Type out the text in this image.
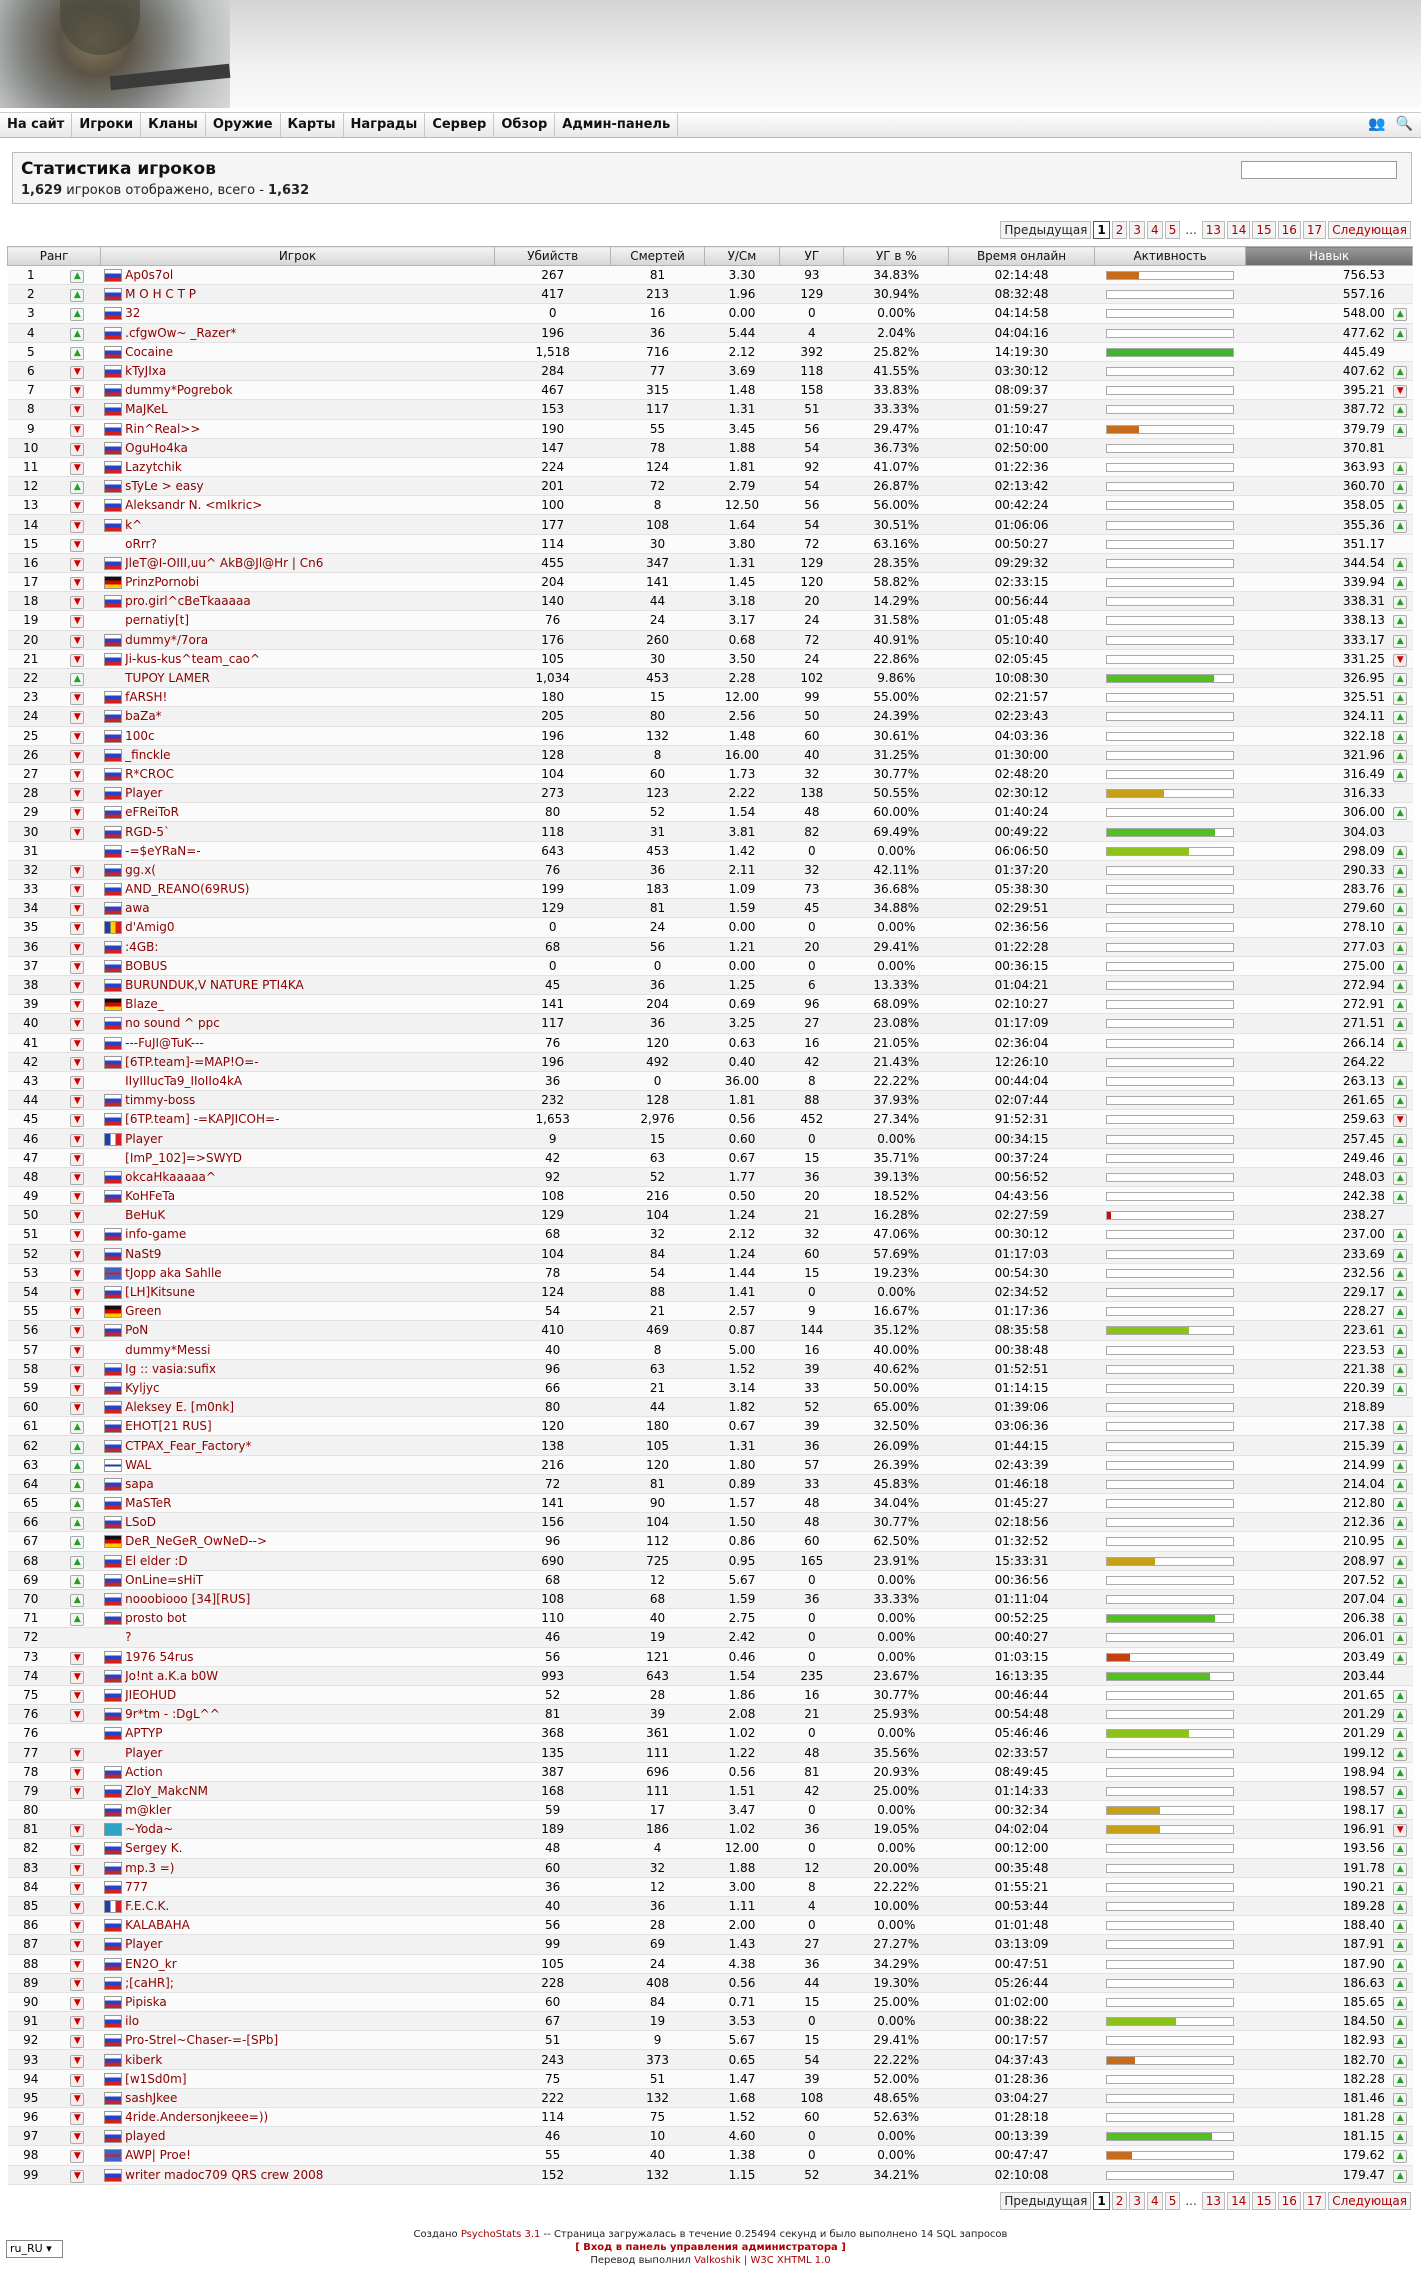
На сайт	Игроки	Кланы	Оружие	Карты	Награды	Сервер	Обзор	Админ-панель	👥 🔍
Статистика игроков
1,629 игроков отображено, всего - 1,632
Предыдущая 1 2 3 4 5 ... 13 14 15 16 17 Следующая
Ранг		Игрок		Убийств	Смертей	У/См	УГ	УГ в %	Время онлайн	Активность	Навык	
1	▲		Ap0s7ol	267	81	3.30	93	34.83%	02:14:48		756.53	
2	▲		M O H C T P	417	213	1.96	129	30.94%	08:32:48		557.16	
3	▲		32	0	16	0.00	0	0.00%	04:14:58		548.00	▲
4	▲		.cfgwOw~ _Razer*	196	36	5.44	4	2.04%	04:04:16		477.62	▲
5	▲		Cocaine	1,518	716	2.12	392	25.82%	14:19:30		445.49	
6	▼		kTyJIxa	284	77	3.69	118	41.55%	03:30:12		407.62	▲
7	▼		dummy*Pogrebok	467	315	1.48	158	33.83%	08:09:37		395.21	▼
8	▼		MaJKeL	153	117	1.31	51	33.33%	01:59:27		387.72	▲
9	▼		Rin^Real>>	190	55	3.45	56	29.47%	01:10:47		379.79	▲
10	▼		OguHo4ka	147	78	1.88	54	36.73%	02:50:00		370.81	
11	▼		Lazytchik	224	124	1.81	92	41.07%	01:22:36		363.93	▲
12	▲		sTyLe > easy	201	72	2.79	54	26.87%	02:13:42		360.70	▲
13	▼		Aleksandr N. <mIkric>	100	8	12.50	56	56.00%	00:42:24		358.05	▲
14	▼		k^	177	108	1.64	54	30.51%	01:06:06		355.36	▲
15	▼		oRrr?	114	30	3.80	72	63.16%	00:50:27		351.17	
16	▼		JleT@I-OIII,uu^ AkB@Jl@Hr | Cn6	455	347	1.31	129	28.35%	09:29:32		344.54	▲
17	▼		PrinzPornobi	204	141	1.45	120	58.82%	02:33:15		339.94	▲
18	▼		pro.girl^cBeTkaaaaa	140	44	3.18	20	14.29%	00:56:44		338.31	▲
19	▼		pernatiy[t]	76	24	3.17	24	31.58%	01:05:48		338.13	▲
20	▼		dummy*/7ora	176	260	0.68	72	40.91%	05:10:40		333.17	▲
21	▼		Ji-kus-kus^team_cao^	105	30	3.50	24	22.86%	02:05:45		331.25	▼
22	▲		TUPOY LAMER	1,034	453	2.28	102	9.86%	10:08:30		326.95	▲
23	▼		fARSH!	180	15	12.00	99	55.00%	02:21:57		325.51	▲
24	▼		baZa*	205	80	2.56	50	24.39%	02:23:43		324.11	▲
25	▼		100c	196	132	1.48	60	30.61%	04:03:36		322.18	▲
26	▼		_finckle	128	8	16.00	40	31.25%	01:30:00		321.96	▲
27	▼		R*CROC	104	60	1.73	32	30.77%	02:48:20		316.49	▲
28	▼		Player	273	123	2.22	138	50.55%	02:30:12		316.33	
29	▼		eFReiToR	80	52	1.54	48	60.00%	01:40:24		306.00	▲
30	▼		RGD-5`	118	31	3.81	82	69.49%	00:49:22		304.03	
31			-=$eYRaN=-	643	453	1.42	0	0.00%	06:06:50		298.09	▲
32	▼		gg.x(	76	36	2.11	32	42.11%	01:37:20		290.33	▲
33	▼		AND_REANO(69RUS)	199	183	1.09	73	36.68%	05:38:30		283.76	▲
34	▼		awa	129	81	1.59	45	34.88%	02:29:51		279.60	▲
35	▼		d'Amig0	0	24	0.00	0	0.00%	02:36:56		278.10	▲
36	▼		:4GB:	68	56	1.21	20	29.41%	01:22:28		277.03	▲
37	▼		BOBUS	0	0	0.00	0	0.00%	00:36:15		275.00	▲
38	▼		BURUNDUK,V NATURE PTI4KA	45	36	1.25	6	13.33%	01:04:21		272.94	▲
39	▼		Blaze_	141	204	0.69	96	68.09%	02:10:27		272.91	▲
40	▼		no sound ^ ppc	117	36	3.25	27	23.08%	01:17:09		271.51	▲
41	▼		---FuJI@TuK---	76	120	0.63	16	21.05%	02:36:04		266.14	▲
42	▼		[6TP.team]-=MAP!O=-	196	492	0.40	42	21.43%	12:26:10		264.22	
43	▼		IIyIIIucTa9_IIoIIo4kA	36	0	36.00	8	22.22%	00:44:04		263.13	▲
44	▼		timmy-boss	232	128	1.81	88	37.93%	02:07:44		261.65	▲
45	▼		[6TP.team] -=KAPJICOH=-	1,653	2,976	0.56	452	27.34%	91:52:31		259.63	▼
46	▼		Player	9	15	0.60	0	0.00%	00:34:15		257.45	▲
47	▼		[ImP_102]=>SWYD	42	63	0.67	15	35.71%	00:37:24		249.46	▲
48	▼		okcaHkaaaaa^	92	52	1.77	36	39.13%	00:56:52		248.03	▲
49	▼		KoHFeTa	108	216	0.50	20	18.52%	04:43:56		242.38	▲
50	▼		BeHuK	129	104	1.24	21	16.28%	02:27:59		238.27	
51	▼		info-game	68	32	2.12	32	47.06%	00:30:12		237.00	▲
52	▼		NaSt9	104	84	1.24	60	57.69%	01:17:03		233.69	▲
53	▼		tJopp aka Sahlle	78	54	1.44	15	19.23%	00:54:30		232.56	▲
54	▼		[LH]Kitsune	124	88	1.41	0	0.00%	02:34:52		229.17	▲
55	▼		Green	54	21	2.57	9	16.67%	01:17:36		228.27	▲
56	▼		PoN	410	469	0.87	144	35.12%	08:35:58		223.61	▲
57	▼		dummy*Messi	40	8	5.00	16	40.00%	00:38:48		223.53	▲
58	▼		Ig :: vasia:sufix	96	63	1.52	39	40.62%	01:52:51		221.38	▲
59	▼		Kyljyc	66	21	3.14	33	50.00%	01:14:15		220.39	▲
60	▼		Aleksey E. [m0nk]	80	44	1.82	52	65.00%	01:39:06		218.89	
61	▲		EHOT[21 RUS]	120	180	0.67	39	32.50%	03:06:36		217.38	▲
62	▲		CTPAX_Fear_Factory*	138	105	1.31	36	26.09%	01:44:15		215.39	▲
63	▲		WAL	216	120	1.80	57	26.39%	02:43:39		214.99	▲
64	▲		sapa	72	81	0.89	33	45.83%	01:46:18		214.04	▲
65	▲		MaSTeR	141	90	1.57	48	34.04%	01:45:27		212.80	▲
66	▲		LSoD	156	104	1.50	48	30.77%	02:18:56		212.36	▲
67	▲		DeR_NeGeR_OwNeD-->	96	112	0.86	60	62.50%	01:32:52		210.95	▲
68	▲		El elder :D	690	725	0.95	165	23.91%	15:33:31		208.97	▲
69	▲		OnLine=sHiT	68	12	5.67	0	0.00%	00:36:56		207.52	▲
70	▲		nooobiooo [34][RUS]	108	68	1.59	36	33.33%	01:11:04		207.04	▲
71	▲		prosto bot	110	40	2.75	0	0.00%	00:52:25		206.38	▲
72			?	46	19	2.42	0	0.00%	00:40:27		206.01	▲
73	▼		1976 54rus	56	121	0.46	0	0.00%	01:03:15		203.49	▲
74	▼		Jo!nt a.K.a b0W	993	643	1.54	235	23.67%	16:13:35		203.44	
75	▼		JIEOHUD	52	28	1.86	16	30.77%	00:46:44		201.65	▲
76	▼		9r*tm - :DgL^^	81	39	2.08	21	25.93%	00:54:48		201.29	▲
76			APTYP	368	361	1.02	0	0.00%	05:46:46		201.29	▲
77	▼		Player	135	111	1.22	48	35.56%	02:33:57		199.12	▲
78	▼		Action	387	696	0.56	81	20.93%	08:49:45		198.94	▲
79	▼		ZloY_MakcNM	168	111	1.51	42	25.00%	01:14:33		198.57	▲
80			m@kler	59	17	3.47	0	0.00%	00:32:34		198.17	▲
81	▼		~Yoda~	189	186	1.02	36	19.05%	04:02:04		196.91	▼
82	▼		Sergey K.	48	4	12.00	0	0.00%	00:12:00		193.56	▲
83	▼		mp.3 =)	60	32	1.88	12	20.00%	00:35:48		191.78	▲
84	▼		777	36	12	3.00	8	22.22%	01:55:21		190.21	▲
85	▼		F.E.C.K.	40	36	1.11	4	10.00%	00:53:44		189.28	▲
86	▼		KALABAHA	56	28	2.00	0	0.00%	01:01:48		188.40	▲
87	▼		Player	99	69	1.43	27	27.27%	03:13:09		187.91	▲
88	▼		EN2O_kr	105	24	4.38	36	34.29%	00:47:51		187.90	▲
89	▼		;[caHR];	228	408	0.56	44	19.30%	05:26:44		186.63	▲
90	▼		Pipiska	60	84	0.71	15	25.00%	01:02:00		185.65	▲
91	▼		ilo	67	19	3.53	0	0.00%	00:38:22		184.50	▲
92	▼		Pro-Strel~Chaser-=-[SPb]	51	9	5.67	15	29.41%	00:17:57		182.93	▲
93	▼		kiberk	243	373	0.65	54	22.22%	04:37:43		182.70	▲
94	▼		[w1Sd0m]	75	51	1.47	39	52.00%	01:28:36		182.28	▲
95	▼		sashJkee	222	132	1.68	108	48.65%	03:04:27		181.46	▲
96	▼		4ride.Andersonjkeee=))	114	75	1.52	60	52.63%	01:28:18		181.28	▲
97	▼		played	46	10	4.60	0	0.00%	00:13:39		181.15	▲
98	▼		AWP| Proe!	55	40	1.38	0	0.00%	00:47:47		179.62	▲
99	▼		writer madoc709 QRS crew 2008	152	132	1.15	52	34.21%	02:10:08		179.47	▲
Предыдущая 1 2 3 4 5 ... 13 14 15 16 17 Следующая
Создано PsychoStats 3.1 -- Страница загружалась в течение 0.25494 секунд и было выполнено 14 SQL запросов
[ Вход в панель управления администратора ]
Перевод выполнил Valkoshik | W3C XHTML 1.0
ru_RU ▾
